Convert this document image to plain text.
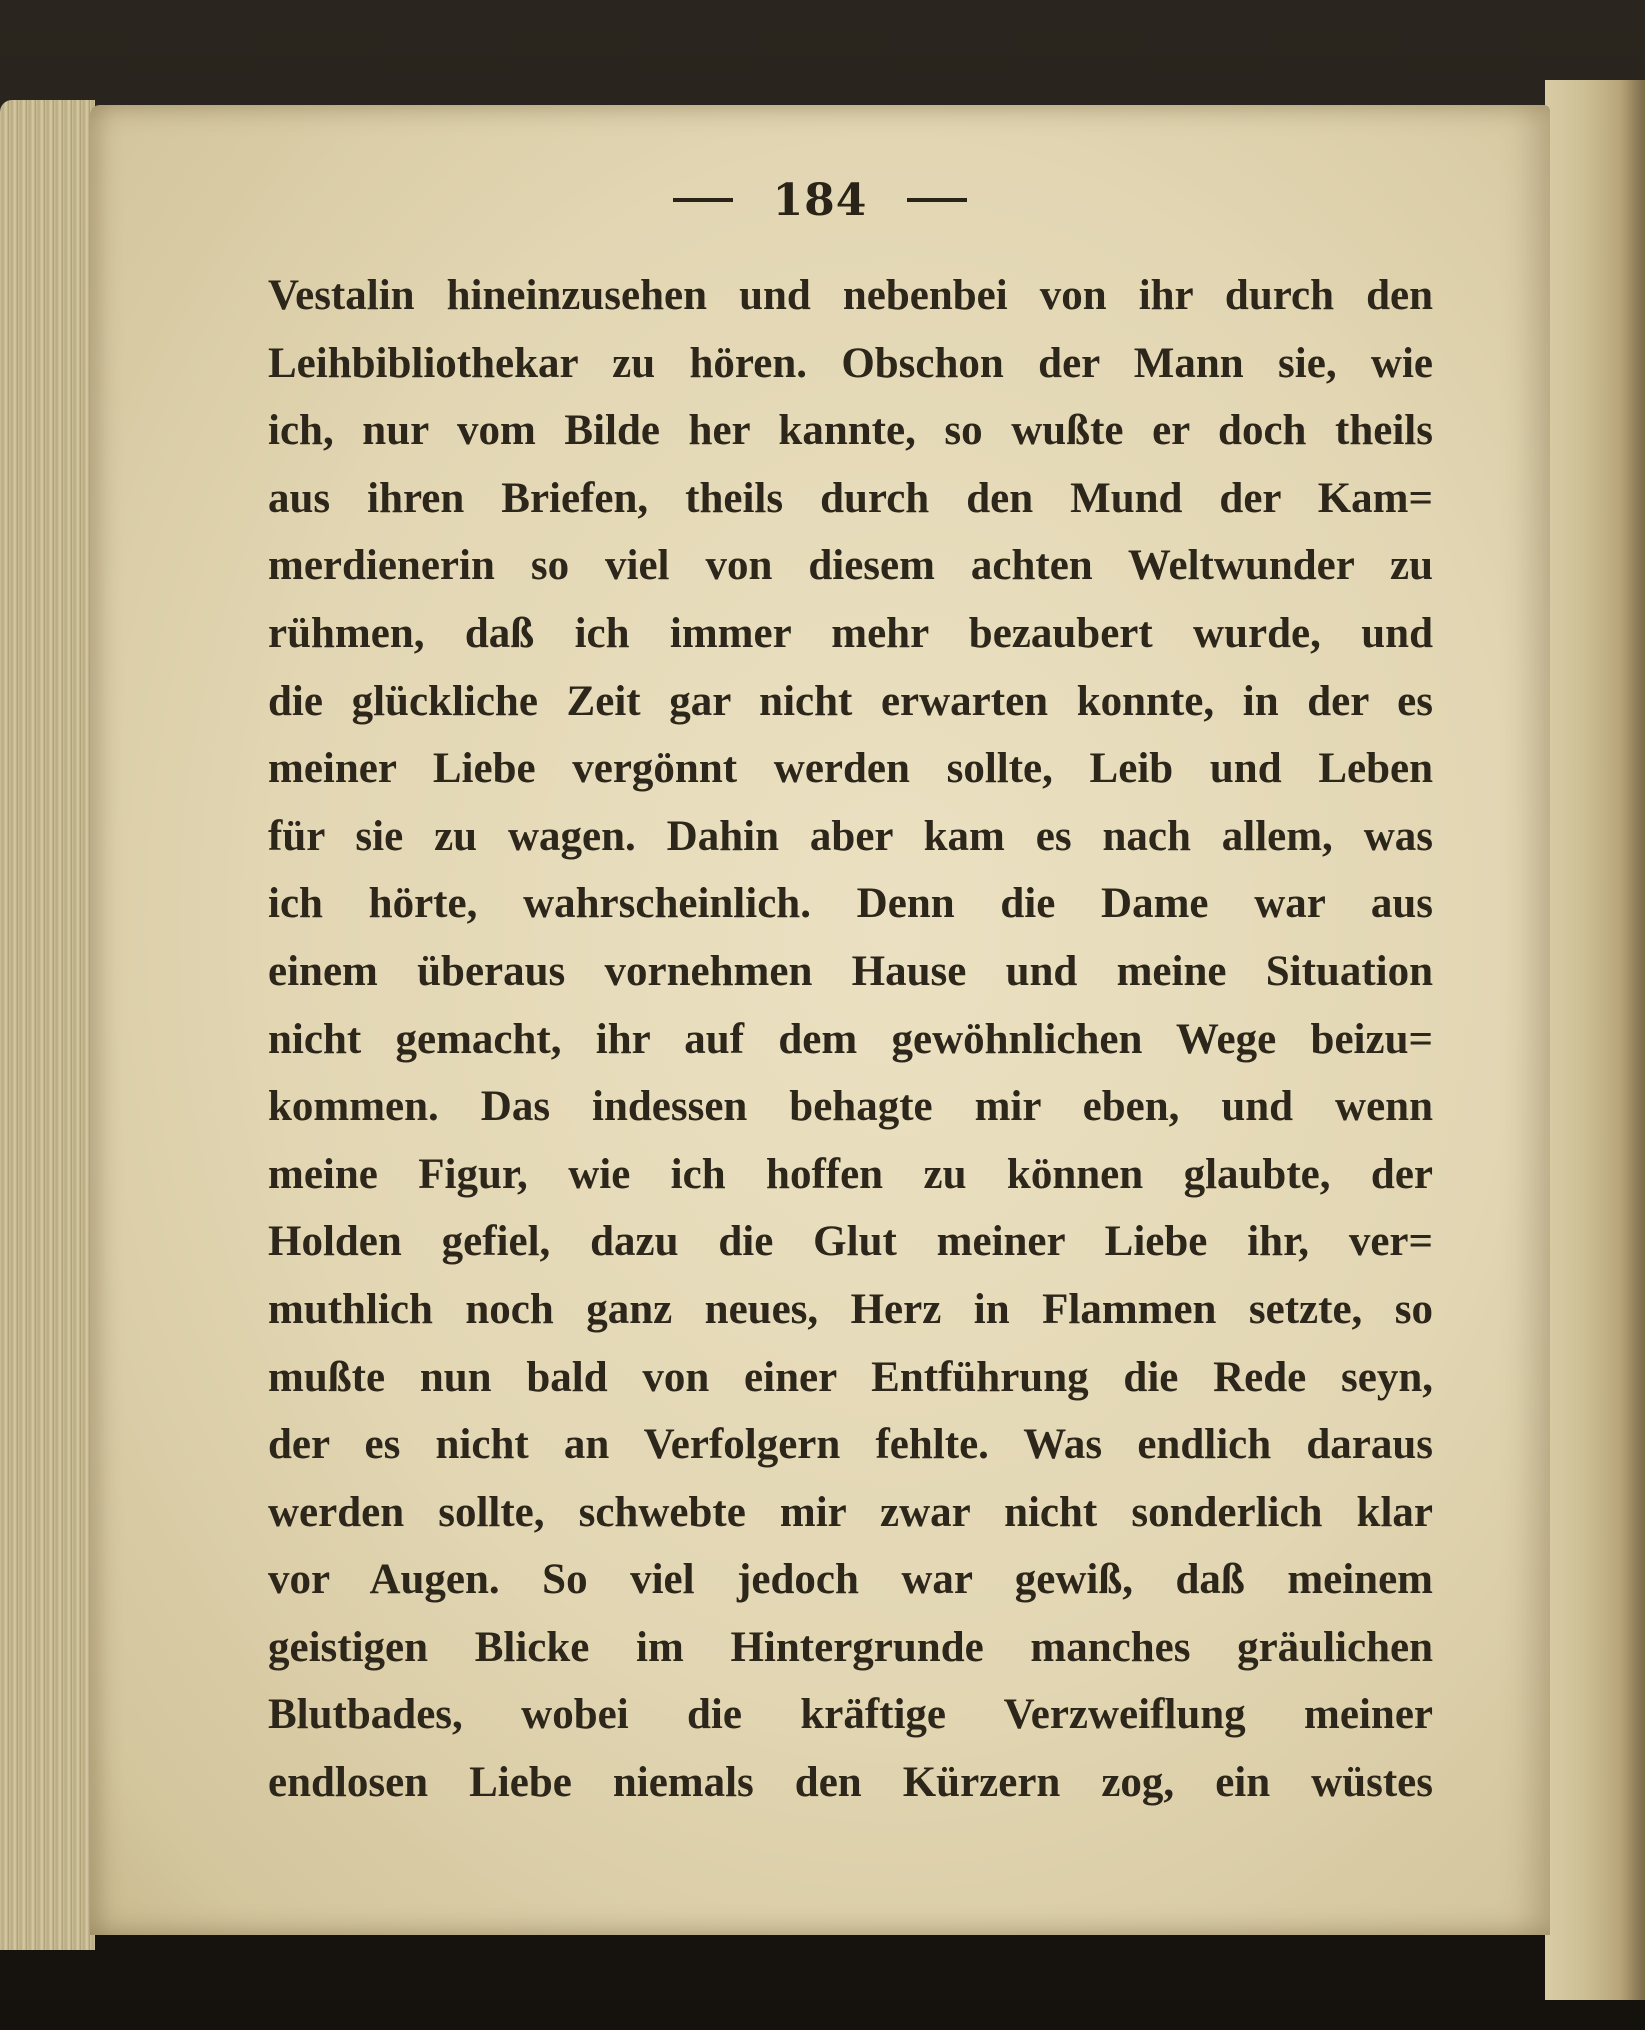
184
Vestalin hineinzusehen und nebenbei von ihr durch den
Leihbibliothekar zu hören. Obschon der Mann sie, wie
ich, nur vom Bilde her kannte, so wußte er doch theils
aus ihren Briefen, theils durch den Mund der Kam=
merdienerin so viel von diesem achten Weltwunder zu
rühmen, daß ich immer mehr bezaubert wurde, und
die glückliche Zeit gar nicht erwarten konnte, in der es
meiner Liebe vergönnt werden sollte, Leib und Leben
für sie zu wagen. Dahin aber kam es nach allem, was
ich hörte, wahrscheinlich. Denn die Dame war aus
einem überaus vornehmen Hause und meine Situation
nicht gemacht, ihr auf dem gewöhnlichen Wege beizu=
kommen. Das indessen behagte mir eben, und wenn
meine Figur, wie ich hoffen zu können glaubte, der
Holden gefiel, dazu die Glut meiner Liebe ihr, ver=
muthlich noch ganz neues, Herz in Flammen setzte, so
mußte nun bald von einer Entführung die Rede seyn,
der es nicht an Verfolgern fehlte. Was endlich daraus
werden sollte, schwebte mir zwar nicht sonderlich klar
vor Augen. So viel jedoch war gewiß, daß meinem
geistigen Blicke im Hintergrunde manches gräulichen
Blutbades, wobei die kräftige Verzweiflung meiner
endlosen Liebe niemals den Kürzern zog, ein wüstes
